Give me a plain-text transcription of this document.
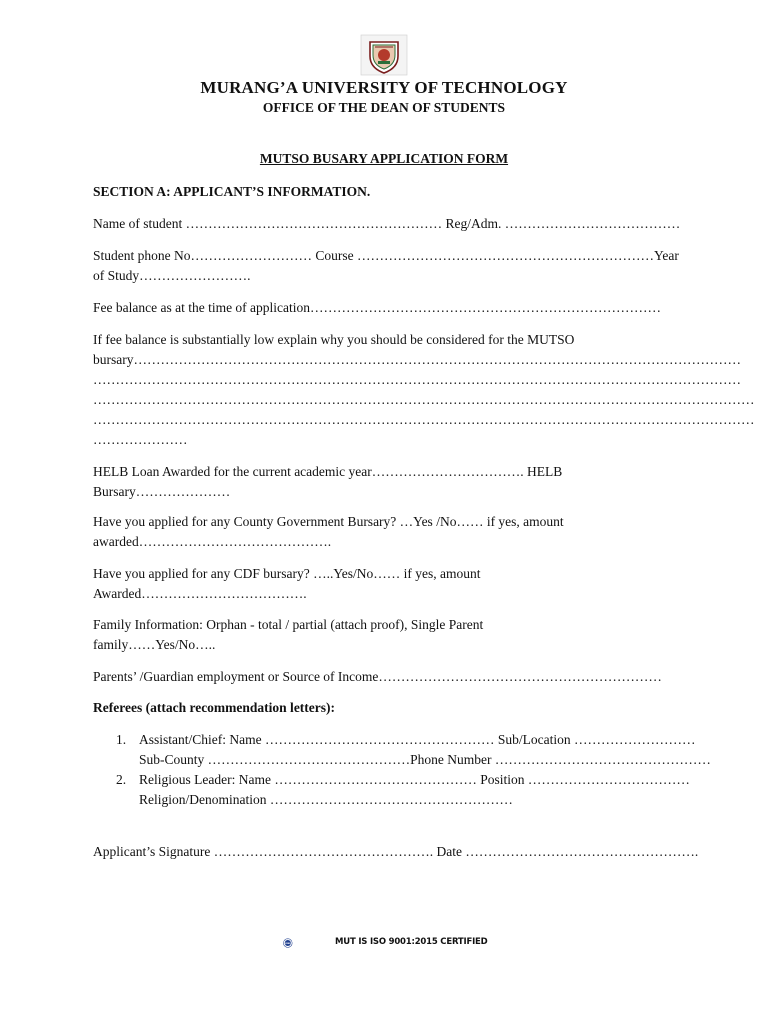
MURANG’A UNIVERSITY OF TECHNOLOGY
OFFICE OF THE DEAN OF STUDENTS
MUTSO BUSARY APPLICATION FORM

SECTION A: APPLICANT’S INFORMATION.

Name of student ………………………………………………… Reg/Adm. …………………………………

Student phone No……………………… Course …………………………………………………………Year

of Study…………………….

Fee balance as at the time of application……………………………………………………………………

If fee balance is substantially low explain why you should be considered for the MUTSO

bursary………………………………………………………………………………………………………………………

………………………………………………………………………………………………………………………………

…………………………………………………………………………………………………………………………………

…………………………………………………………………………………………………………………………………

…………………

HELB Loan Awarded for the current academic year……………………………. HELB

Bursary…………………

Have you applied for any County Government Bursary? …Yes /No…… if yes, amount

awarded…………………………………….

Have you applied for any CDF bursary? …..Yes/No…… if yes, amount

Awarded……………………………….

Family Information: Orphan - total / partial (attach proof), Single Parent

family……Yes/No…..

Parents’ /Guardian employment or Source of Income………………………………………………………

Referees (attach recommendation letters):

1. Assistant/Chief: Name …………………………………………… Sub/Location ………………………
Sub-County ………………………………………Phone Number …………………………………………
2. Religious Leader: Name ……………………………………… Position ………………………………
Religion/Denomination ………………………………………………

Applicant’s Signature …………………………………………. Date …………………………………………….

KEBS	MUT IS ISO 9001:2015 CERTIFIED
